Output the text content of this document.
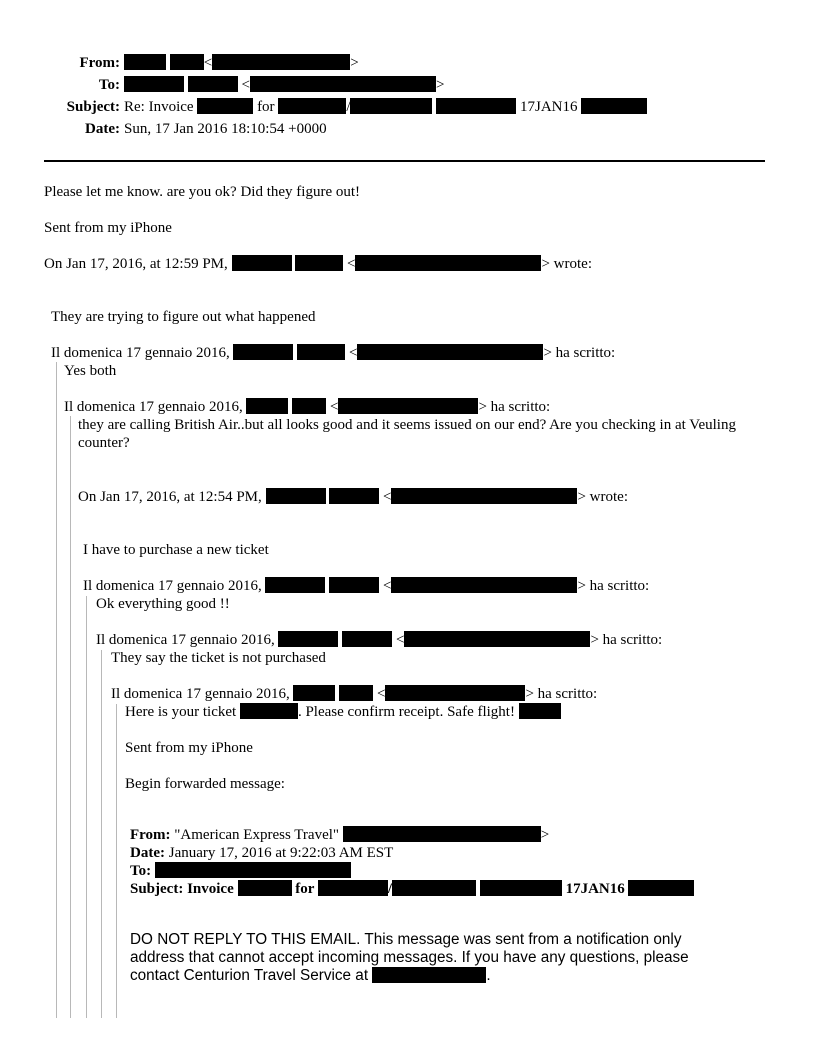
From:	<	>
To:	<	>
Subject: Re: Invoice	for	/	17JAN16
Date: Sun, 17 Jan 2016 18:10:54 +0000
Please let me know. are you ok? Did they figure out!
Sent from my iPhone
On Jan 17, 2016, at 12:59 PM,	<	> wrote:
They are trying to figure out what happened
Il domenica 17 gennaio 2016,	<	> ha scritto:
Yes both
Il domenica 17 gennaio 2016,	<	> ha scritto:
they are calling British Air..but all looks good and it seems issued on our end? Are you checking in at Veuling counter?
On Jan 17, 2016, at 12:54 PM,	<	> wrote:
I have to purchase a new ticket
Il domenica 17 gennaio 2016,	<	> ha scritto:
Ok everything good !!
Il domenica 17 gennaio 2016,	<	> ha scritto:
They say the ticket is not purchased
Il domenica 17 gennaio 2016,	<	> ha scritto:
Here is your ticket	. Please confirm receipt. Safe flight!
Sent from my iPhone
Begin forwarded message:
From: "American Express Travel"	>
Date: January 17, 2016 at 9:22:03 AM EST
To:
Subject: Invoice	for	/	17JAN16
DO NOT REPLY TO THIS EMAIL. This message was sent from a notification only address that cannot accept incoming messages. If you have any questions, please contact Centurion Travel Service at	.
